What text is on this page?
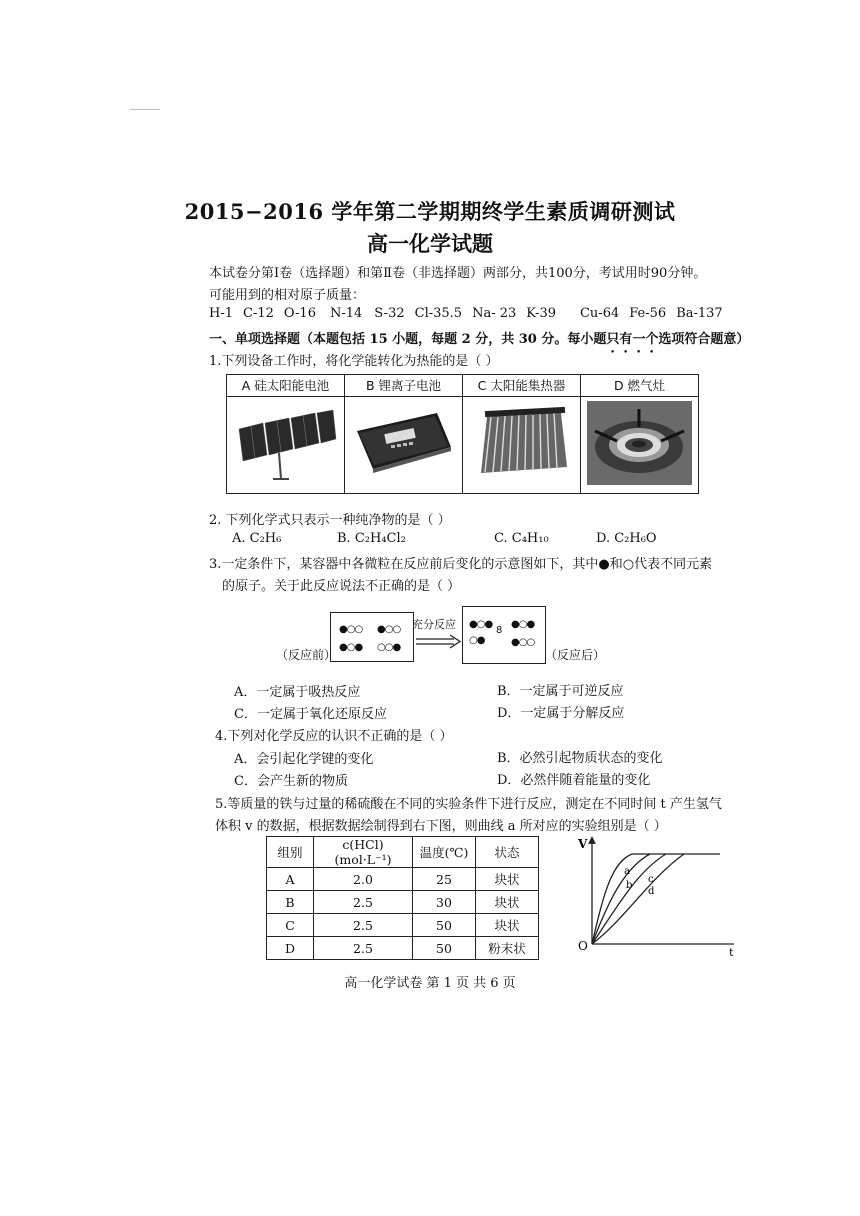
2015−2016 学年第二学期期终学生素质调研测试
高一化学试题
本试卷分第Ⅰ卷（选择题）和第Ⅱ卷（非选择题）两部分，共100分，考试用时90分钟。
可能用到的相对原子质量：
H-1 C-12 O-16 N-14 S-32 Cl-35.5 Na- 23 K-39 Cu-64 Fe-56 Ba-137
一、单项选择题（本题包括 15 小题，每题 2 分，共 30 分。每小题只有一个选项符合题意）
1.下列设备工作时，将化学能转化为热能的是（ ）
A 硅太阳能电池	B 锂离子电池	C 太阳能集热器	D 燃气灶
2. 下列化学式只表示一种纯净物的是（ ）
A. C₂H₆	B. C₂H₄Cl₂	C. C₄H₁₀	D. C₂H₆O
3.一定条件下，某容器中各微粒在反应前后变化的示意图如下，其中●和○代表不同元素
的原子。关于此反应说法不正确的是（ ）
●○○ ●○○
●○● ○○●
充分反应 ●○●
○●
8
●○●
●○○
（反应前）	（反应后）
A．一定属于吸热反应	B．一定属于可逆反应
C．一定属于氧化还原反应	D．一定属于分解反应
4.下列对化学反应的认识不正确的是（ ）
A．会引起化学键的变化	B．必然引起物质状态的变化
C．会产生新的物质	D．必然伴随着能量的变化
5.等质量的铁与过量的稀硫酸在不同的实验条件下进行反应，测定在不同时间 t 产生氢气
体积 v 的数据，根据数据绘制得到右下图，则曲线 a 所对应的实验组别是（ ）
组别	c(HCl)(mol·L⁻¹)	温度(℃)	状态
A	2.0	25	块状
B	2.5	30	块状
C	2.5	50	块状
D	2.5	50	粉末状
V
O	t
a
b
c
d
高一化学试卷 第 1 页 共 6 页
